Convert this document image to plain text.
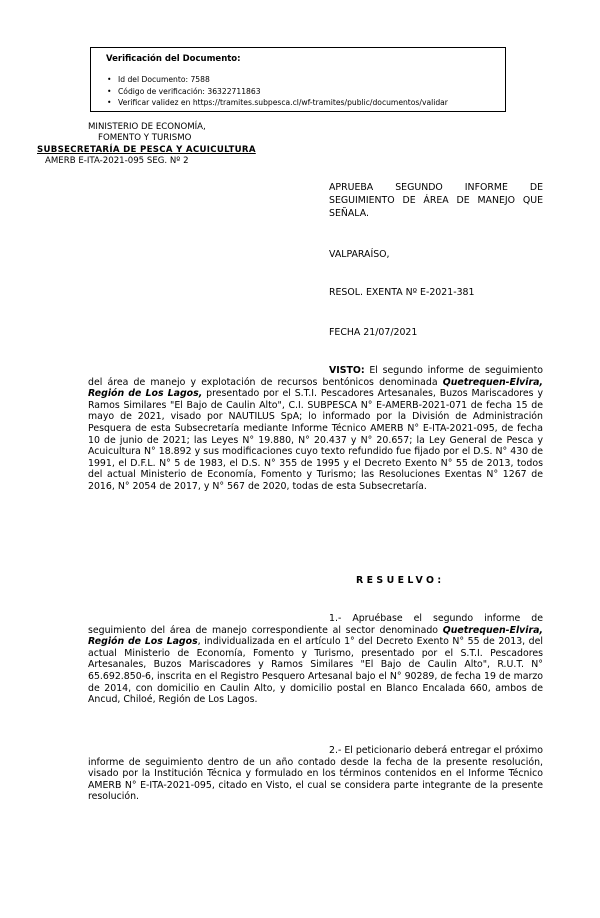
Verificación del Documento:
• Id del Documento: 7588
• Código de verificación: 36322711863
• Verificar validez en https://tramites.subpesca.cl/wf-tramites/public/documentos/validar
MINISTERIO DE ECONOMÍA,
FOMENTO Y TURISMO
SUBSECRETARÍA DE PESCA Y ACUICULTURA
AMERB E-ITA-2021-095 SEG. Nº 2
APRUEBA SEGUNDO INFORME DE SEGUIMIENTO DE ÁREA DE MANEJO QUE SEÑALA.
VALPARAÍSO,
RESOL. EXENTA Nº E-2021-381
FECHA 21/07/2021
VISTO: El segundo informe de seguimiento del área de manejo y explotación de recursos bentónicos denominada Quetrequen-Elvira, Región de Los Lagos, presentado por el S.T.I. Pescadores Artesanales, Buzos Mariscadores y Ramos Similares "El Bajo de Caulin Alto", C.I. SUBPESCA N° E-AMERB-2021-071 de fecha 15 de mayo de 2021, visado por NAUTILUS SpA; lo informado por la División de Administración Pesquera de esta Subsecretaría mediante Informe Técnico AMERB N° E-ITA-2021-095, de fecha 10 de junio de 2021; las Leyes N° 19.880, N° 20.437 y N° 20.657; la Ley General de Pesca y Acuicultura N° 18.892 y sus modificaciones cuyo texto refundido fue fijado por el D.S. N° 430 de 1991, el D.F.L. N° 5 de 1983, el D.S. N° 355 de 1995 y el Decreto Exento N° 55 de 2013, todos del actual Ministerio de Economía, Fomento y Turismo; las Resoluciones Exentas N° 1267 de 2016, N° 2054 de 2017, y N° 567 de 2020, todas de esta Subsecretaría.
RESUELVO:
1.- Apruébase el segundo informe de seguimiento del área de manejo correspondiente al sector denominado Quetrequen-Elvira, Región de Los Lagos, individualizada en el artículo 1° del Decreto Exento N° 55 de 2013, del actual Ministerio de Economía, Fomento y Turismo, presentado por el S.T.I. Pescadores Artesanales, Buzos Mariscadores y Ramos Similares "El Bajo de Caulin Alto", R.U.T. N° 65.692.850-6, inscrita en el Registro Pesquero Artesanal bajo el N° 90289, de fecha 19 de marzo de 2014, con domicilio en Caulin Alto, y domicilio postal en Blanco Encalada 660, ambos de Ancud, Chiloé, Región de Los Lagos.
2.- El peticionario deberá entregar el próximo informe de seguimiento dentro de un año contado desde la fecha de la presente resolución, visado por la Institución Técnica y formulado en los términos contenidos en el Informe Técnico AMERB N° E-ITA-2021-095, citado en Visto, el cual se considera parte integrante de la presente resolución.
